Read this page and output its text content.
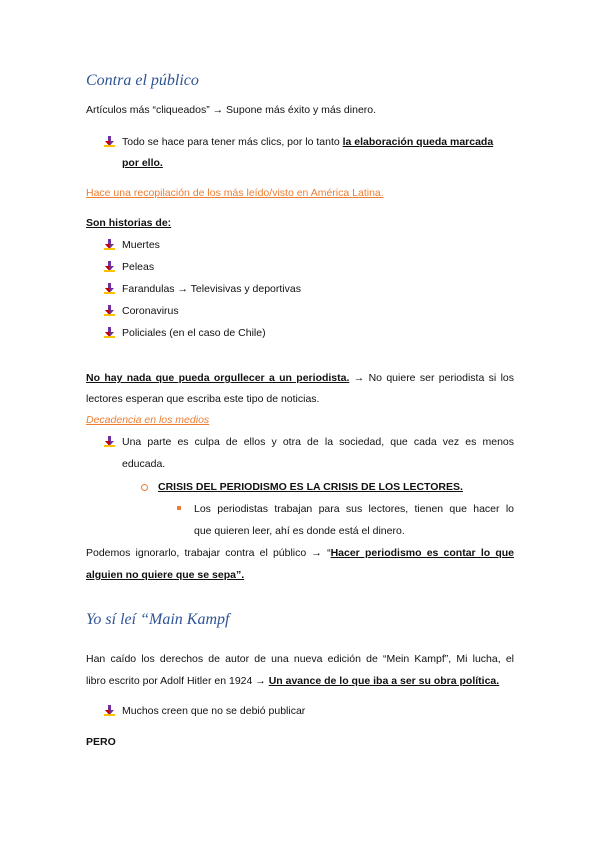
Contra el público
Artículos más “cliqueados” → Supone más éxito y más dinero.
Todo se hace para tener más clics, por lo tanto la elaboración queda marcada
por ello.
Hace una recopilación de los más leído/visto en América Latina.
Son historias de:
Muertes
Peleas
Farandulas → Televisivas y deportivas
Coronavirus
Policiales (en el caso de Chile)
No hay nada que pueda orgullecer a un periodista. → No quiere ser periodista si los
lectores esperan que escriba este tipo de noticias.
Decadencia en los medios
Una parte es culpa de ellos y otra de la sociedad, que cada vez es menos
educada.
CRISIS DEL PERIODISMO ES LA CRISIS DE LOS LECTORES.
Los periodistas trabajan para sus lectores, tienen que hacer lo
que quieren leer, ahí es donde está el dinero.
Podemos ignorarlo, trabajar contra el público → “Hacer periodismo es contar lo que
alguien no quiere que se sepa”.
Yo sí leí “Main Kampf
Han caído los derechos de autor de una nueva edición de “Mein Kampf”, Mi lucha, el
libro escrito por Adolf Hitler en 1924 → Un avance de lo que iba a ser su obra política.
Muchos creen que no se debió publicar
PERO
